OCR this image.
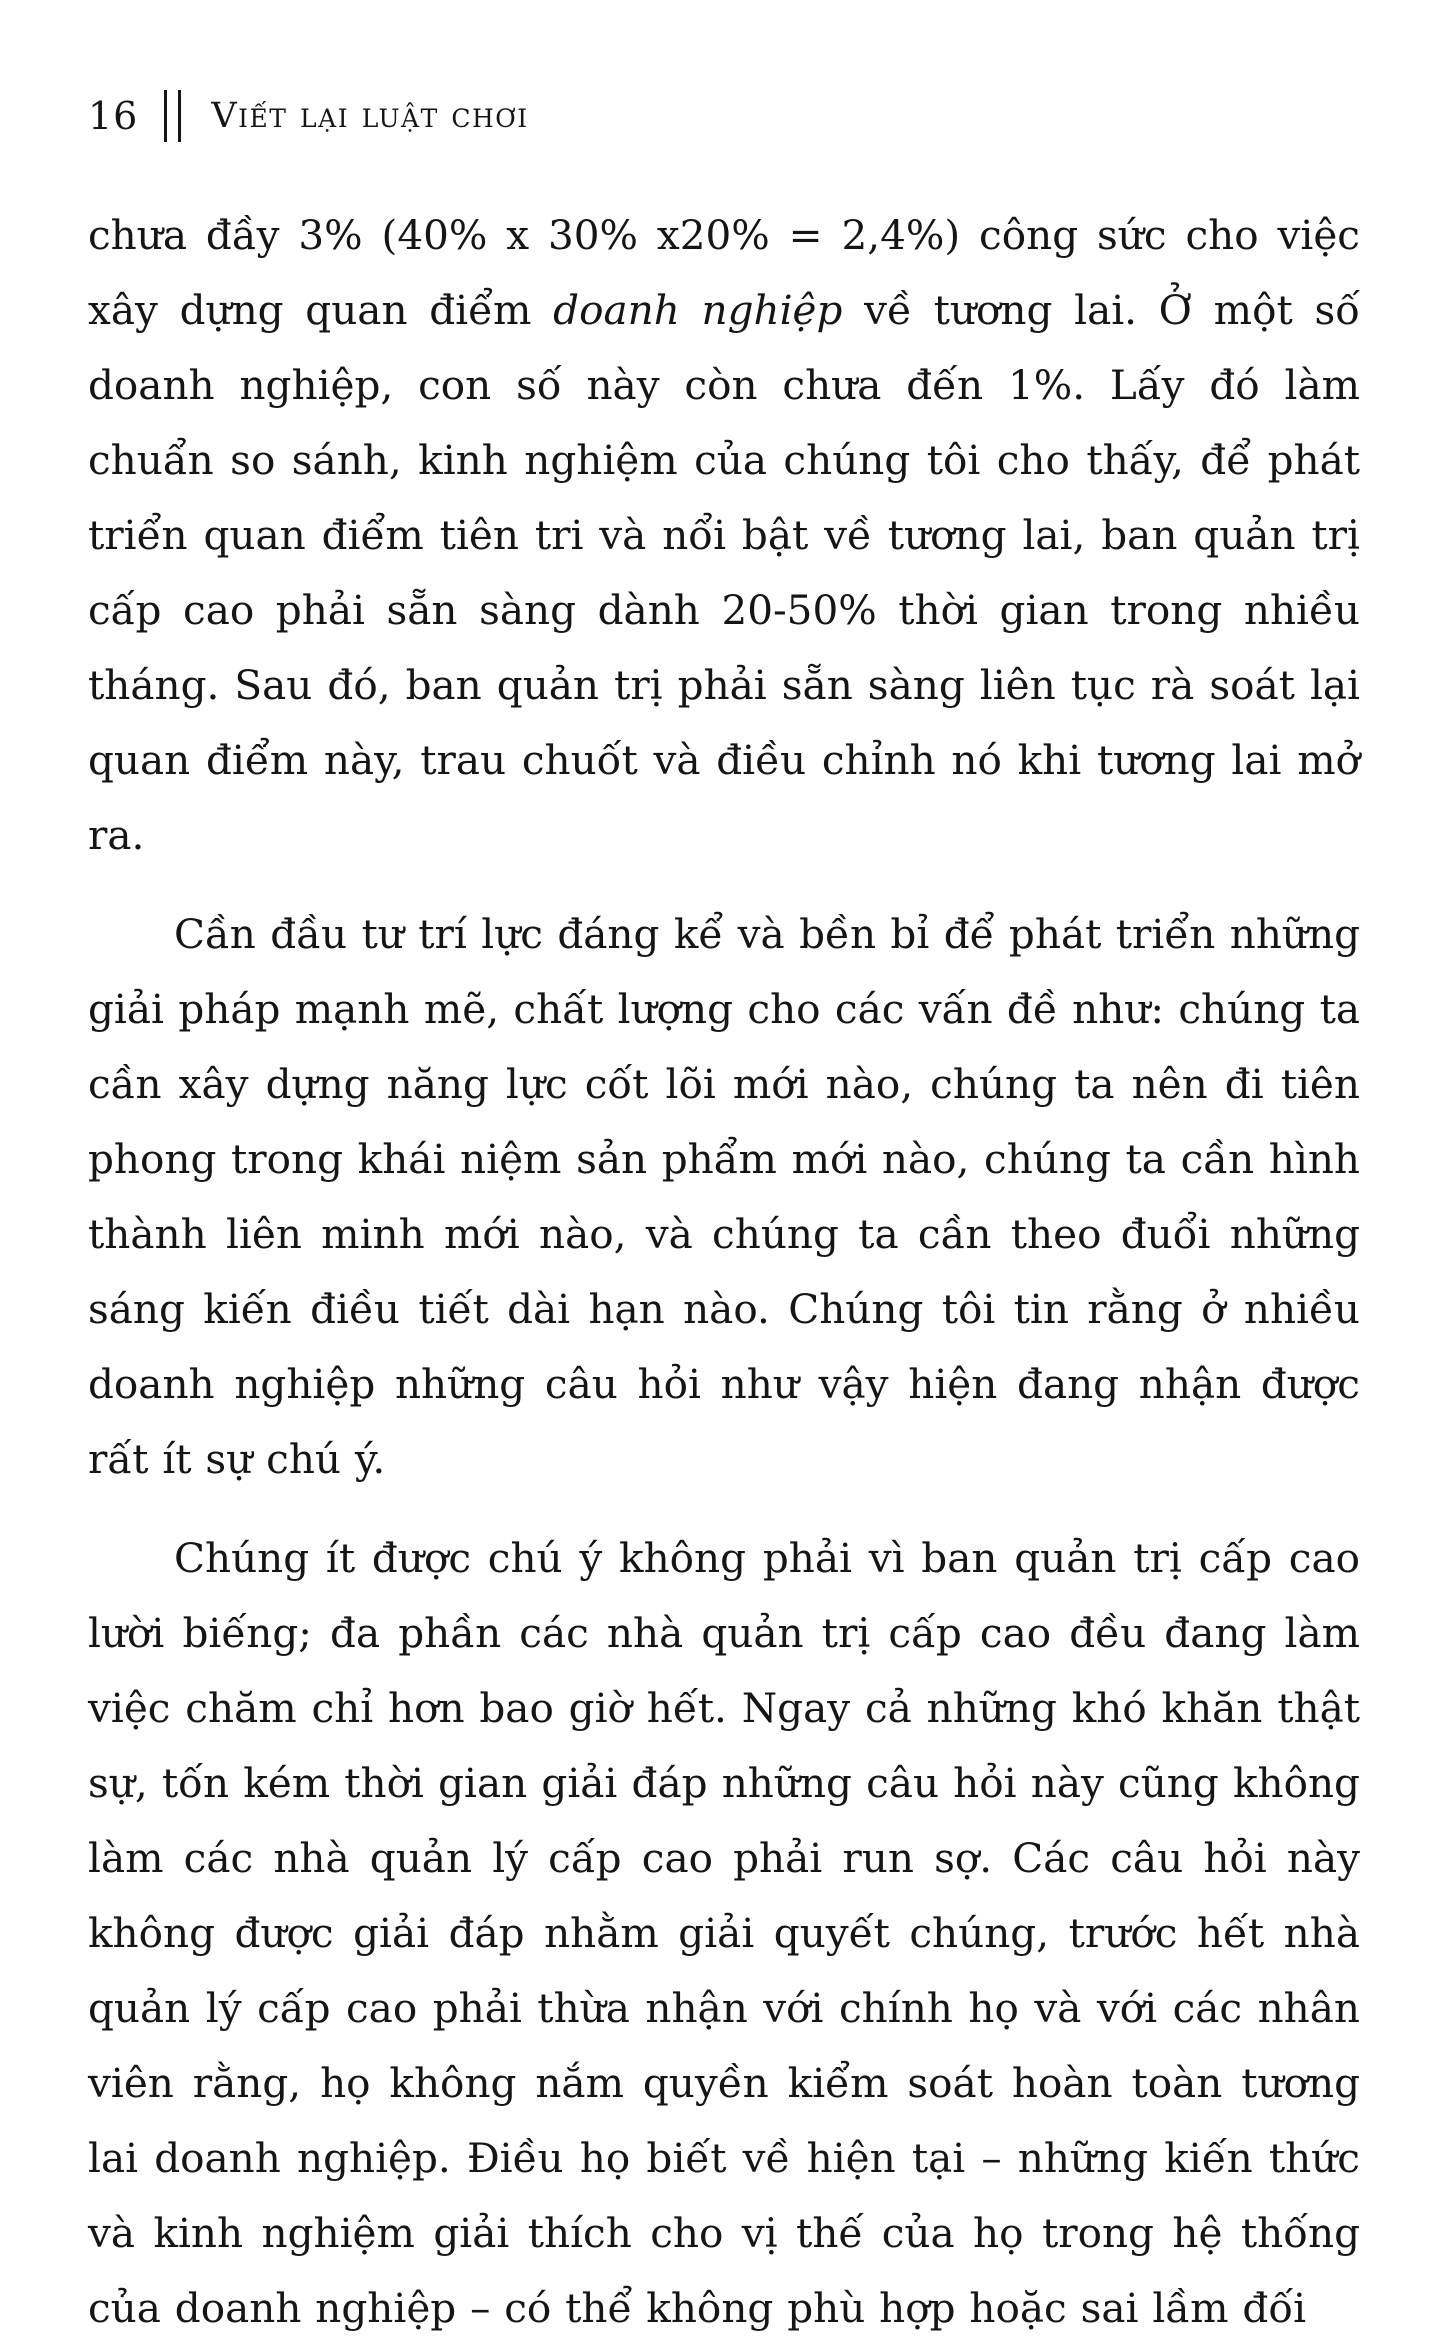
16 Viết lại luật chơi

chưa đầy 3% (40% x 30% x20% = 2,4%) công sức cho việc xây dựng quan điểm doanh nghiệp về tương lai. Ở một số doanh nghiệp, con số này còn chưa đến 1%. Lấy đó làm chuẩn so sánh, kinh nghiệm của chúng tôi cho thấy, để phát triển quan điểm tiên tri và nổi bật về tương lai, ban quản trị cấp cao phải sẵn sàng dành 20-50% thời gian trong nhiều tháng. Sau đó, ban quản trị phải sẵn sàng liên tục rà soát lại quan điểm này, trau chuốt và điều chỉnh nó khi tương lai mở ra.

Cần đầu tư trí lực đáng kể và bền bỉ để phát triển những giải pháp mạnh mẽ, chất lượng cho các vấn đề như: chúng ta cần xây dựng năng lực cốt lõi mới nào, chúng ta nên đi tiên phong trong khái niệm sản phẩm mới nào, chúng ta cần hình thành liên minh mới nào, và chúng ta cần theo đuổi những sáng kiến điều tiết dài hạn nào. Chúng tôi tin rằng ở nhiều doanh nghiệp những câu hỏi như vậy hiện đang nhận được rất ít sự chú ý.

Chúng ít được chú ý không phải vì ban quản trị cấp cao lười biếng; đa phần các nhà quản trị cấp cao đều đang làm việc chăm chỉ hơn bao giờ hết. Ngay cả những khó khăn thật sự, tốn kém thời gian giải đáp những câu hỏi này cũng không làm các nhà quản lý cấp cao phải run sợ. Các câu hỏi này không được giải đáp nhằm giải quyết chúng, trước hết nhà quản lý cấp cao phải thừa nhận với chính họ và với các nhân viên rằng, họ không nắm quyền kiểm soát hoàn toàn tương lai doanh nghiệp. Điều họ biết về hiện tại – những kiến thức và kinh nghiệm giải thích cho vị thế của họ trong hệ thống của doanh nghiệp – có thể không phù hợp hoặc sai lầm đối
